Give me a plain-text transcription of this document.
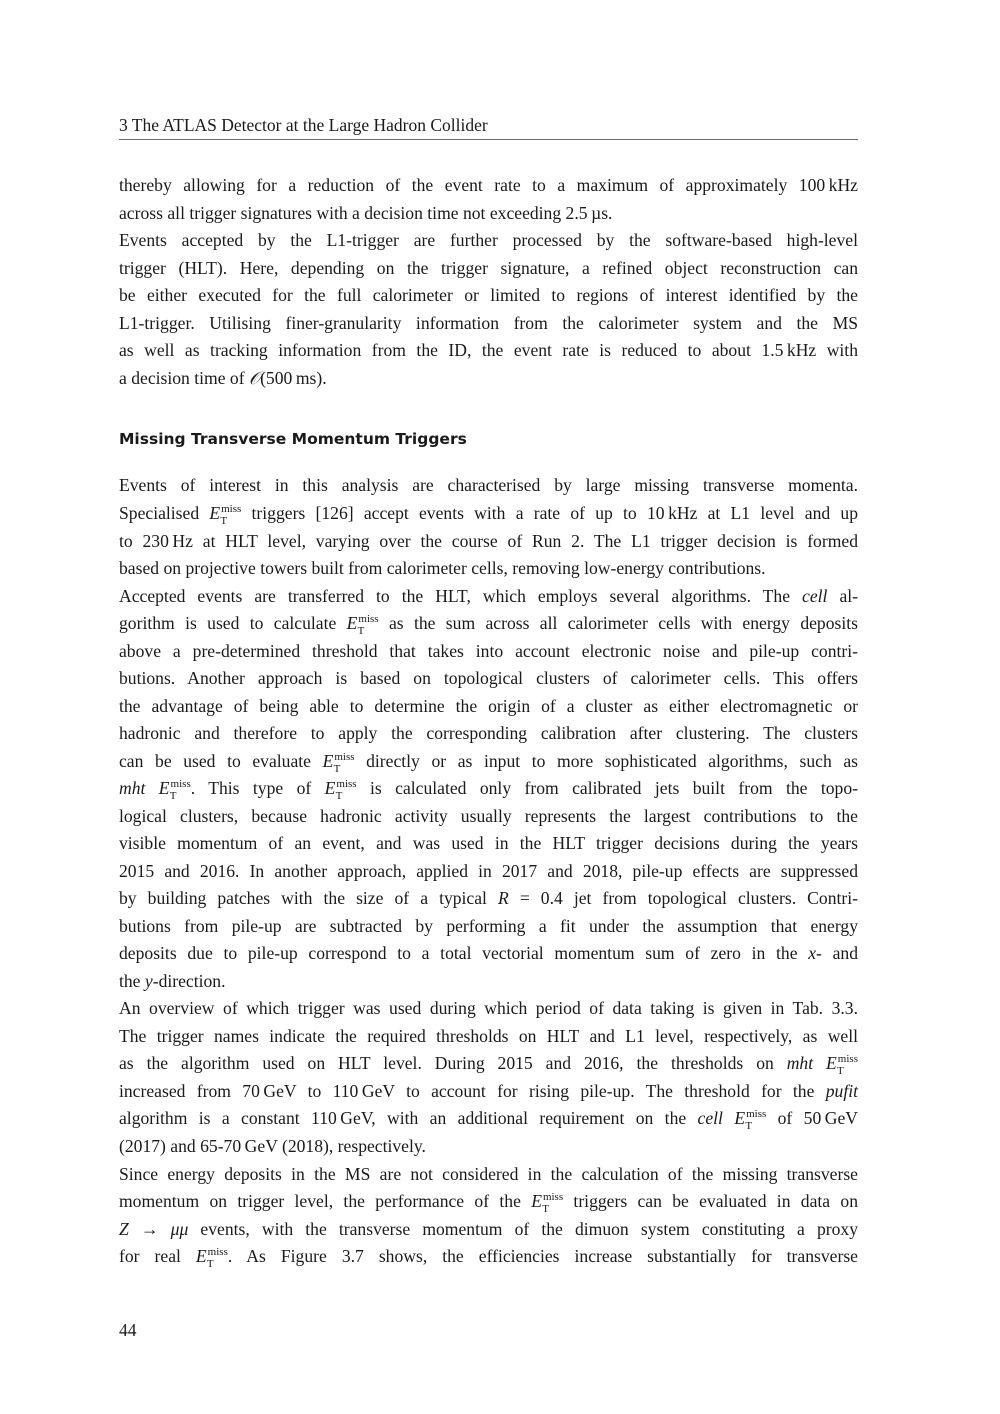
3 The ATLAS Detector at the Large Hadron Collider
Missing Transverse Momentum Triggers
thereby allowing for a reduction of the event rate to a maximum of approximately 100 kHz
across all trigger signatures with a decision time not exceeding 2.5 µs.
Events accepted by the L1-trigger are further processed by the software-based high-level
trigger (HLT). Here, depending on the trigger signature, a refined object reconstruction can
be either executed for the full calorimeter or limited to regions of interest identified by the
L1-trigger. Utilising finer-granularity information from the calorimeter system and the MS
as well as tracking information from the ID, the event rate is reduced to about 1.5 kHz with
a decision time of 𝒪(500 ms).
Events of interest in this analysis are characterised by large missing transverse momenta.
Specialised $E^{miss}$
T triggers [126] accept events with a rate of up to 10 kHz at L1 level and up
to 230 Hz at HLT level, varying over the course of Run 2. The L1 trigger decision is formed
based on projective towers built from calorimeter cells, removing low-energy contributions.
Accepted events are transferred to the HLT, which employs several algorithms. The cell al-
gorithm is used to calculate $E^{miss}$
T as the sum across all calorimeter cells with energy deposits
above a pre-determined threshold that takes into account electronic noise and pile-up contri-
butions. Another approach is based on topological clusters of calorimeter cells. This offers
the advantage of being able to determine the origin of a cluster as either electromagnetic or
hadronic and therefore to apply the corresponding calibration after clustering. The clusters
can be used to evaluate $E^{miss}$
T directly or as input to more sophisticated algorithms, such as
mht $E^{miss}$
T . This type of $E^{miss}$
T is calculated only from calibrated jets built from the topo-
logical clusters, because hadronic activity usually represents the largest contributions to the
visible momentum of an event, and was used in the HLT trigger decisions during the years
2015 and 2016. In another approach, applied in 2017 and 2018, pile-up effects are suppressed
by building patches with the size of a typical R = 0.4 jet from topological clusters. Contri-
butions from pile-up are subtracted by performing a fit under the assumption that energy
deposits due to pile-up correspond to a total vectorial momentum sum of zero in the x- and
the y-direction.
An overview of which trigger was used during which period of data taking is given in Tab. 3.3.
The trigger names indicate the required thresholds on HLT and L1 level, respectively, as well
as the algorithm used on HLT level. During 2015 and 2016, the thresholds on mht $E^{miss}$
T
increased from 70 GeV to 110 GeV to account for rising pile-up. The threshold for the pufit
algorithm is a constant 110 GeV, with an additional requirement on the cell $E^{miss}$
T of 50 GeV
(2017) and 65-70 GeV (2018), respectively.
Since energy deposits in the MS are not considered in the calculation of the missing transverse
momentum on trigger level, the performance of the $E^{miss}$
T triggers can be evaluated in data on
Z → μμ events, with the transverse momentum of the dimuon system constituting a proxy
for real $E^{miss}$
T . As Figure 3.7 shows, the efficiencies increase substantially for transverse
44
